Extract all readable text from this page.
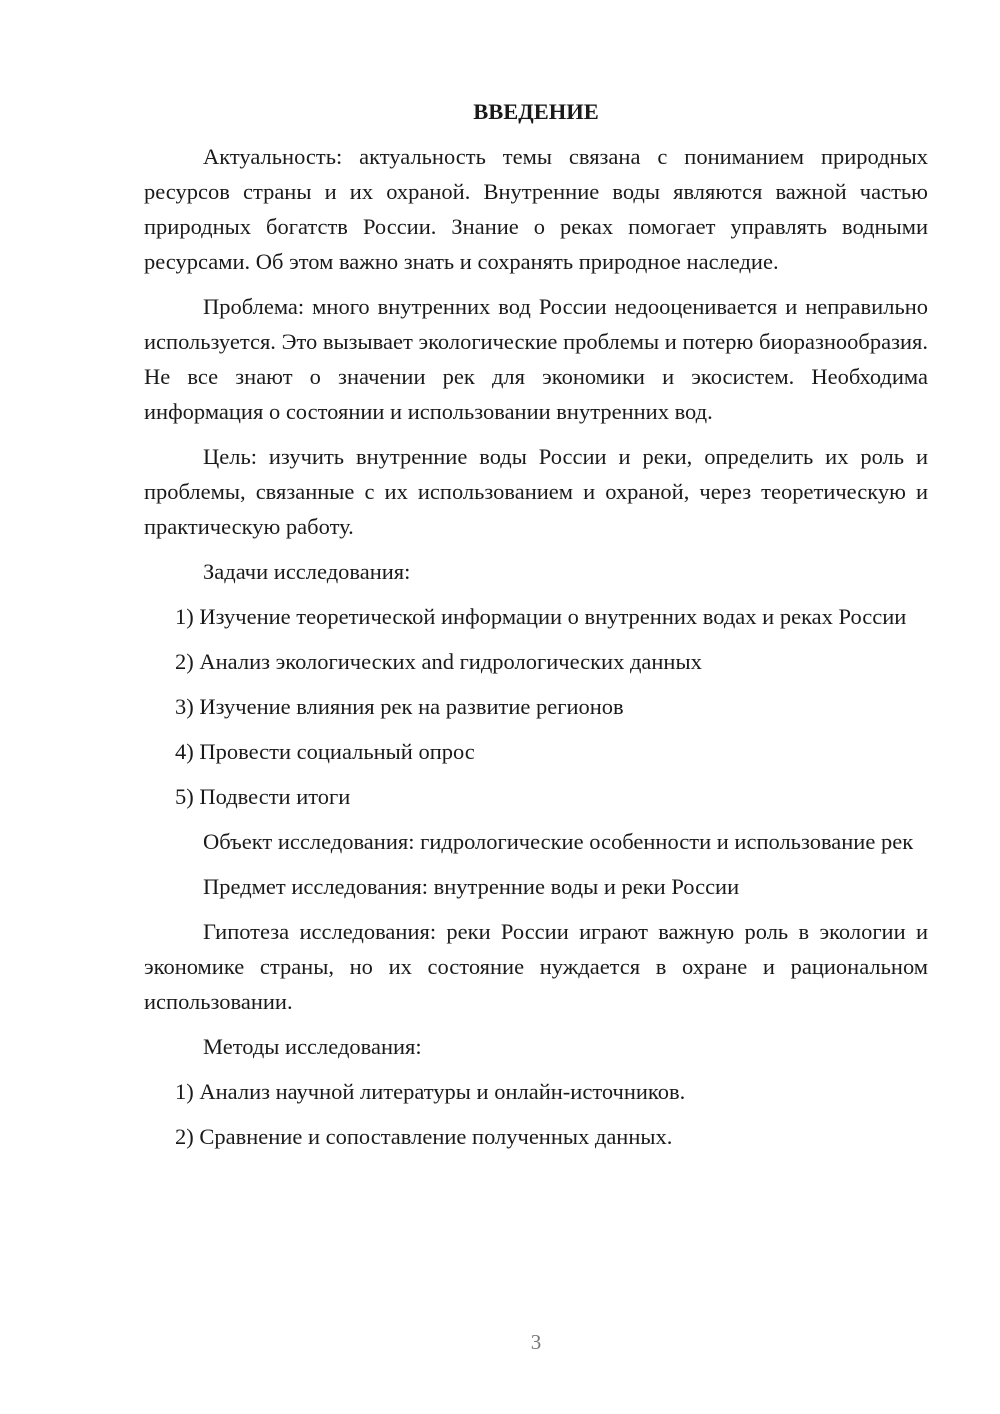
ВВЕДЕНИЕ

Актуальность: актуальность темы связана с пониманием природных ресурсов страны и их охраной. Внутренние воды являются важной частью природных богатств России. Знание о реках помогает управлять водными ресурсами. Об этом важно знать и сохранять природное наследие.

Проблема: много внутренних вод России недооценивается и неправильно используется. Это вызывает экологические проблемы и потерю биоразнообразия. Не все знают о значении рек для экономики и экосистем. Необходима информация о состоянии и использовании внутренних вод.

Цель: изучить внутренние воды России и реки, определить их роль и проблемы, связанные с их использованием и охраной, через теоретическую и практическую работу.

Задачи исследования:

1) Изучение теоретической информации о внутренних водах и реках России

2) Анализ экологических and гидрологических данных

3) Изучение влияния рек на развитие регионов

4) Провести социальный опрос

5) Подвести итоги

Объект исследования: гидрологические особенности и использование рек

Предмет исследования: внутренние воды и реки России

Гипотеза исследования: реки России играют важную роль в экологии и экономике страны, но их состояние нуждается в охране и рациональном использовании.

Методы исследования:

1) Анализ научной литературы и онлайн-источников.

2) Сравнение и сопоставление полученных данных.

3
